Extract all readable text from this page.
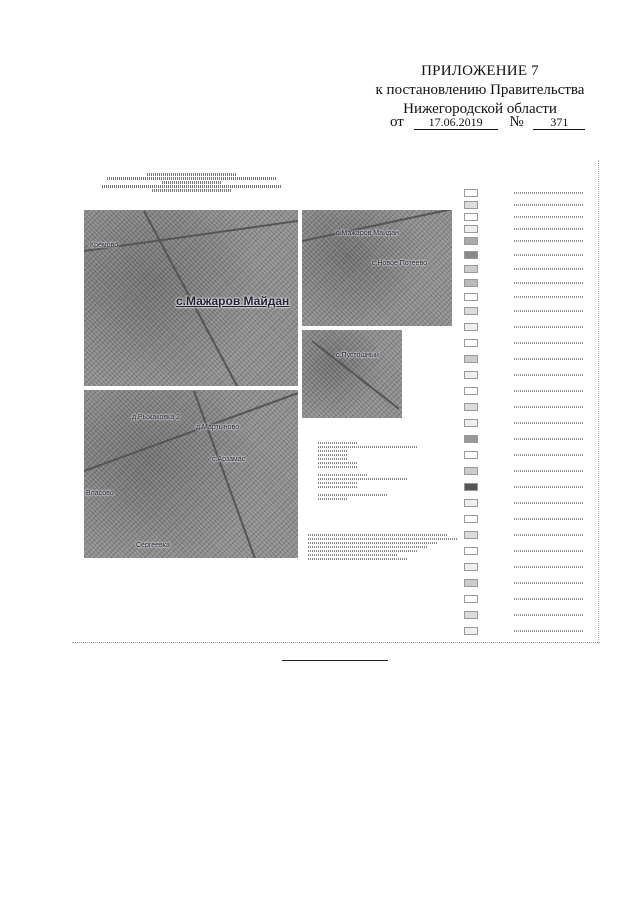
ПРИЛОЖЕНИЕ 7
к постановлению Правительства
Нижегородской области
от 17.06.2019 № 371
Кремово
с.Мажаров Майдан
с.Мажаров Майдан
с.Новое Потеево
с.Пустошный
д.Рыжаковка 2
д.Мартыново
с.Арзамас
Власово
Сергеевка
